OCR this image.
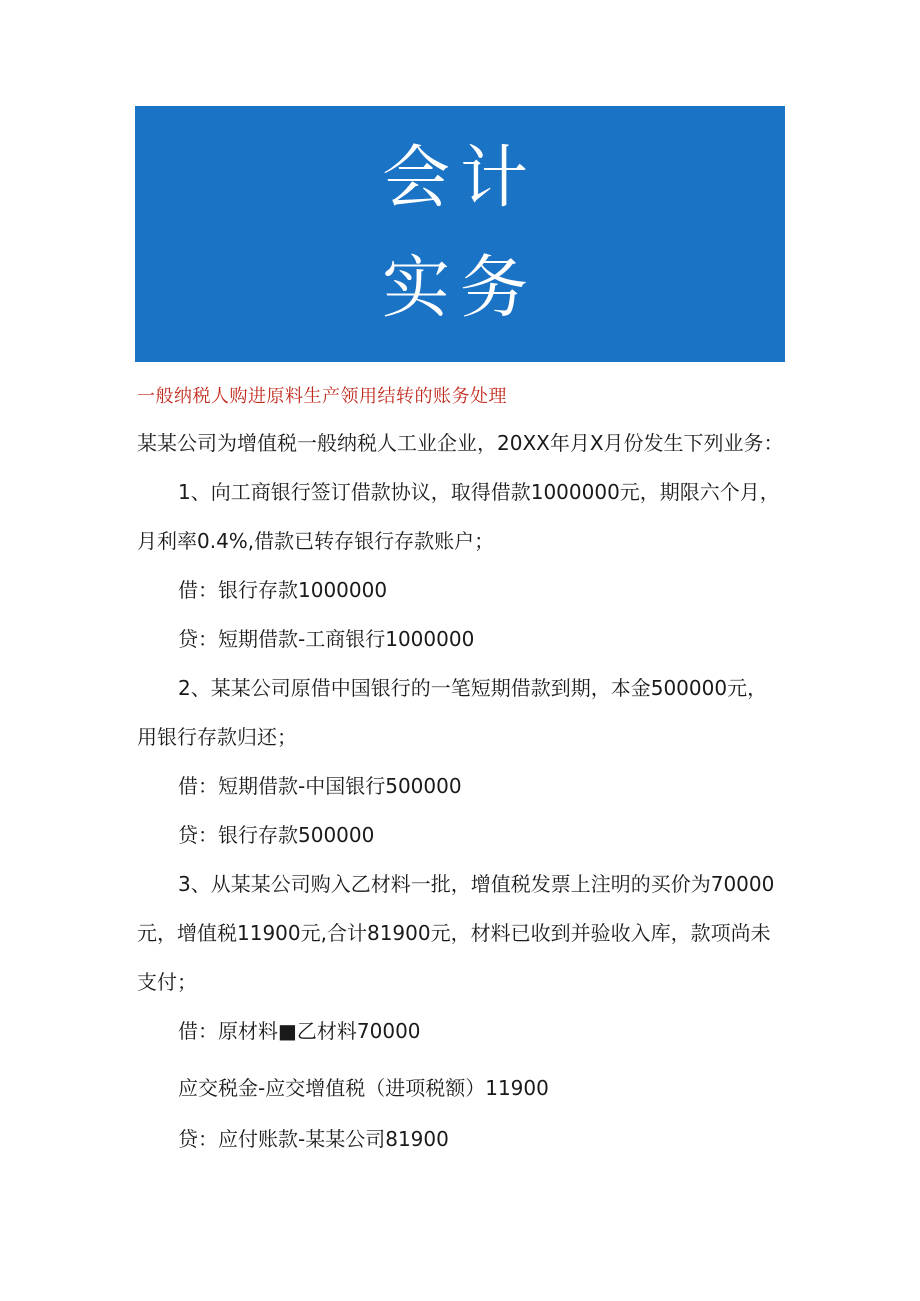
会计
实务
一般纳税人购进原料生产领用结转的账务处理
某某公司为增值税一般纳税人工业企业，20XX年月X月份发生下列业务：
1、向工商银行签订借款协议，取得借款1000000元，期限六个月，
月利率0.4%,借款已转存银行存款账户；
借：银行存款1000000
贷：短期借款-工商银行1000000
2、某某公司原借中国银行的一笔短期借款到期，本金500000元，
用银行存款归还；
借：短期借款-中国银行500000
贷：银行存款500000
3、从某某公司购入乙材料一批，增值税发票上注明的买价为70000
元，增值税11900元,合计81900元，材料已收到并验收入库，款项尚未
支付；
借：原材料■乙材料70000
应交税金-应交增值税（进项税额）11900
贷：应付账款-某某公司81900
